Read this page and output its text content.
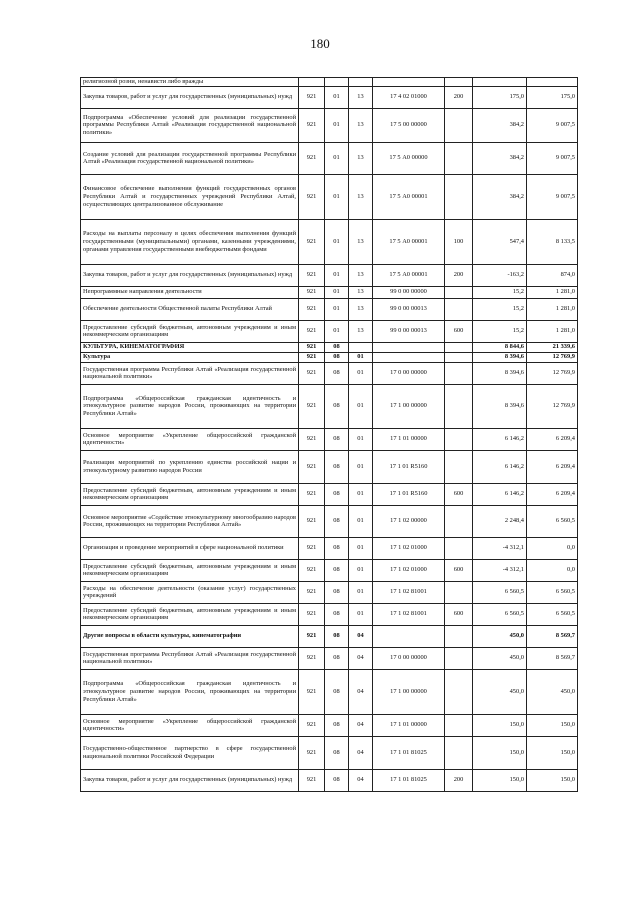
180
религиозной розни, ненависти либо вражды							
Закупка товаров, работ и услуг для государственных (муниципальных) нужд	921	01	13	17 4 02 01000	200	175,0	175,0
Подпрограмма «Обеспечение условий для реализации государственной программы Республики Алтай «Реализация государственной национальной политики»	921	01	13	17 5 00 00000		384,2	9 007,5
Создание условий для реализации государственной программы Республики Алтай «Реализация государственной национальной политики»	921	01	13	17 5 А0 00000		384,2	9 007,5
Финансовое обеспечение выполнения функций государственных органов Республики Алтай и государственных учреждений Республики Алтай, осуществляющих централизованное обслуживание	921	01	13	17 5 А0 00001		384,2	9 007,5
Расходы на выплаты персоналу в целях обеспечения выполнения функций государственными (муниципальными) органами, казенными учреждениями, органами управления государственными внебюджетными фондами	921	01	13	17 5 А0 00001	100	547,4	8 133,5
Закупка товаров, работ и услуг для государственных (муниципальных) нужд	921	01	13	17 5 А0 00001	200	-163,2	874,0
Непрограммные направления деятельности	921	01	13	99 0 00 00000		15,2	1 281,0
Обеспечение деятельности Общественной палаты Республики Алтай	921	01	13	99 0 00 00013		15,2	1 281,0
Предоставление субсидий бюджетным, автономным учреждениям и иным некоммерческим организациям	921	01	13	99 0 00 00013	600	15,2	1 281,0
КУЛЬТУРА, КИНЕМАТОГРАФИЯ	921	08				8 844,6	21 339,6
Культура	921	08	01			8 394,6	12 769,9
Государственная программа Республики Алтай «Реализация государственной национальной политики»	921	08	01	17 0 00 00000		8 394,6	12 769,9
Подпрограмма «Общероссийская гражданская идентичность и этнокультурное развитие народов России, проживающих на территории Республики Алтай»	921	08	01	17 1 00 00000		8 394,6	12 769,9
Основное мероприятие «Укрепление общероссийской гражданской идентичности»	921	08	01	17 1 01 00000		6 146,2	6 209,4
Реализация мероприятий по укреплению единства российской нации и этнокультурному развитию народов России	921	08	01	17 1 01 R5160		6 146,2	6 209,4
Предоставление субсидий бюджетным, автономным учреждениям и иным некоммерческим организациям	921	08	01	17 1 01 R5160	600	6 146,2	6 209,4
Основное мероприятие «Содействие этнокультурному многообразию народов России, проживающих на территории Республики Алтай»	921	08	01	17 1 02 00000		2 248,4	6 560,5
Организация и проведение мероприятий в сфере национальной политики	921	08	01	17 1 02 01000		-4 312,1	0,0
Предоставление субсидий бюджетным, автономным учреждениям и иным некоммерческим организациям	921	08	01	17 1 02 01000	600	-4 312,1	0,0
Расходы на обеспечение деятельности (оказание услуг) государственных учреждений	921	08	01	17 1 02 81001		6 560,5	6 560,5
Предоставление субсидий бюджетным, автономным учреждениям и иным некоммерческим организациям	921	08	01	17 1 02 81001	600	6 560,5	6 560,5
Другие вопросы в области культуры, кинематографии	921	08	04			450,0	8 569,7
Государственная программа Республики Алтай «Реализация государственной национальной политики»	921	08	04	17 0 00 00000		450,0	8 569,7
Подпрограмма «Общероссийская гражданская идентичность и этнокультурное развитие народов России, проживающих на территории Республики Алтай»	921	08	04	17 1 00 00000		450,0	450,0
Основное мероприятие «Укрепление общероссийской гражданской идентичности»	921	08	04	17 1 01 00000		150,0	150,0
Государственно-общественное партнерство в сфере государственной национальной политики Российской Федерации	921	08	04	17 1 01 81025		150,0	150,0
Закупка товаров, работ и услуг для государственных (муниципальных) нужд	921	08	04	17 1 01 81025	200	150,0	150,0
